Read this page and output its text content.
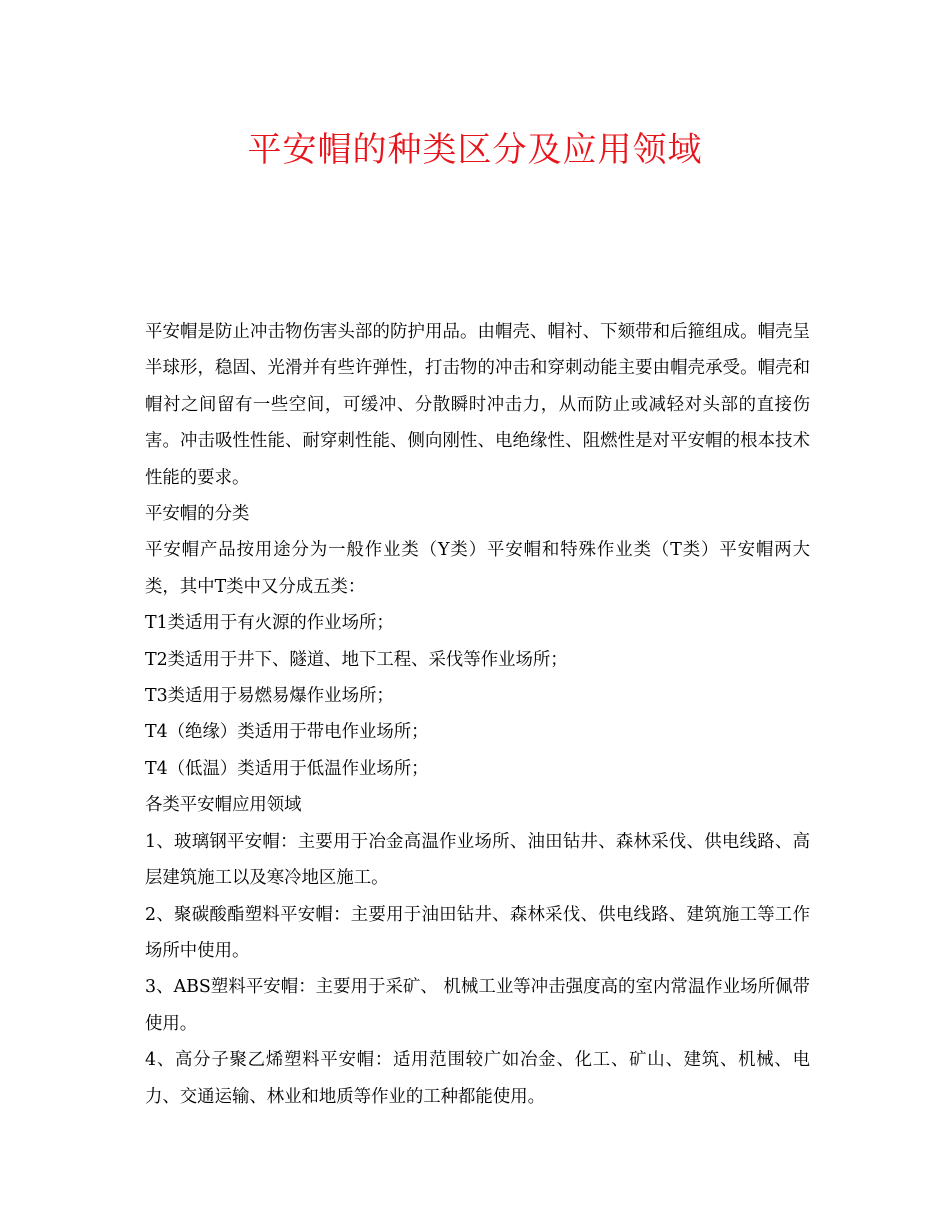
平安帽的种类区分及应用领域

平安帽是防止冲击物伤害头部的防护用品。由帽壳、帽衬、下颏带和后箍组成。帽壳呈半球形，稳固、光滑并有些许弹性，打击物的冲击和穿刺动能主要由帽壳承受。帽壳和帽衬之间留有一些空间，可缓冲、分散瞬时冲击力，从而防止或减轻对头部的直接伤害。冲击吸性性能、耐穿刺性能、侧向刚性、电绝缘性、阻燃性是对平安帽的根本技术性能的要求。

平安帽的分类

平安帽产品按用途分为一般作业类（Y类）平安帽和特殊作业类（T类）平安帽两大类，其中T类中又分成五类：

T1类适用于有火源的作业场所；

T2类适用于井下、隧道、地下工程、采伐等作业场所；

T3类适用于易燃易爆作业场所；

T4（绝缘）类适用于带电作业场所；

T4（低温）类适用于低温作业场所；

各类平安帽应用领域

1、玻璃钢平安帽：主要用于冶金高温作业场所、油田钻井、森林采伐、供电线路、高层建筑施工以及寒冷地区施工。

2、聚碳酸酯塑料平安帽：主要用于油田钻井、森林采伐、供电线路、建筑施工等工作场所中使用。

3、ABS塑料平安帽：主要用于采矿、 机械工业等冲击强度高的室内常温作业场所佩带使用。

4、高分子聚乙烯塑料平安帽：适用范围较广如冶金、化工、矿山、建筑、机械、电力、交通运输、林业和地质等作业的工种都能使用。
